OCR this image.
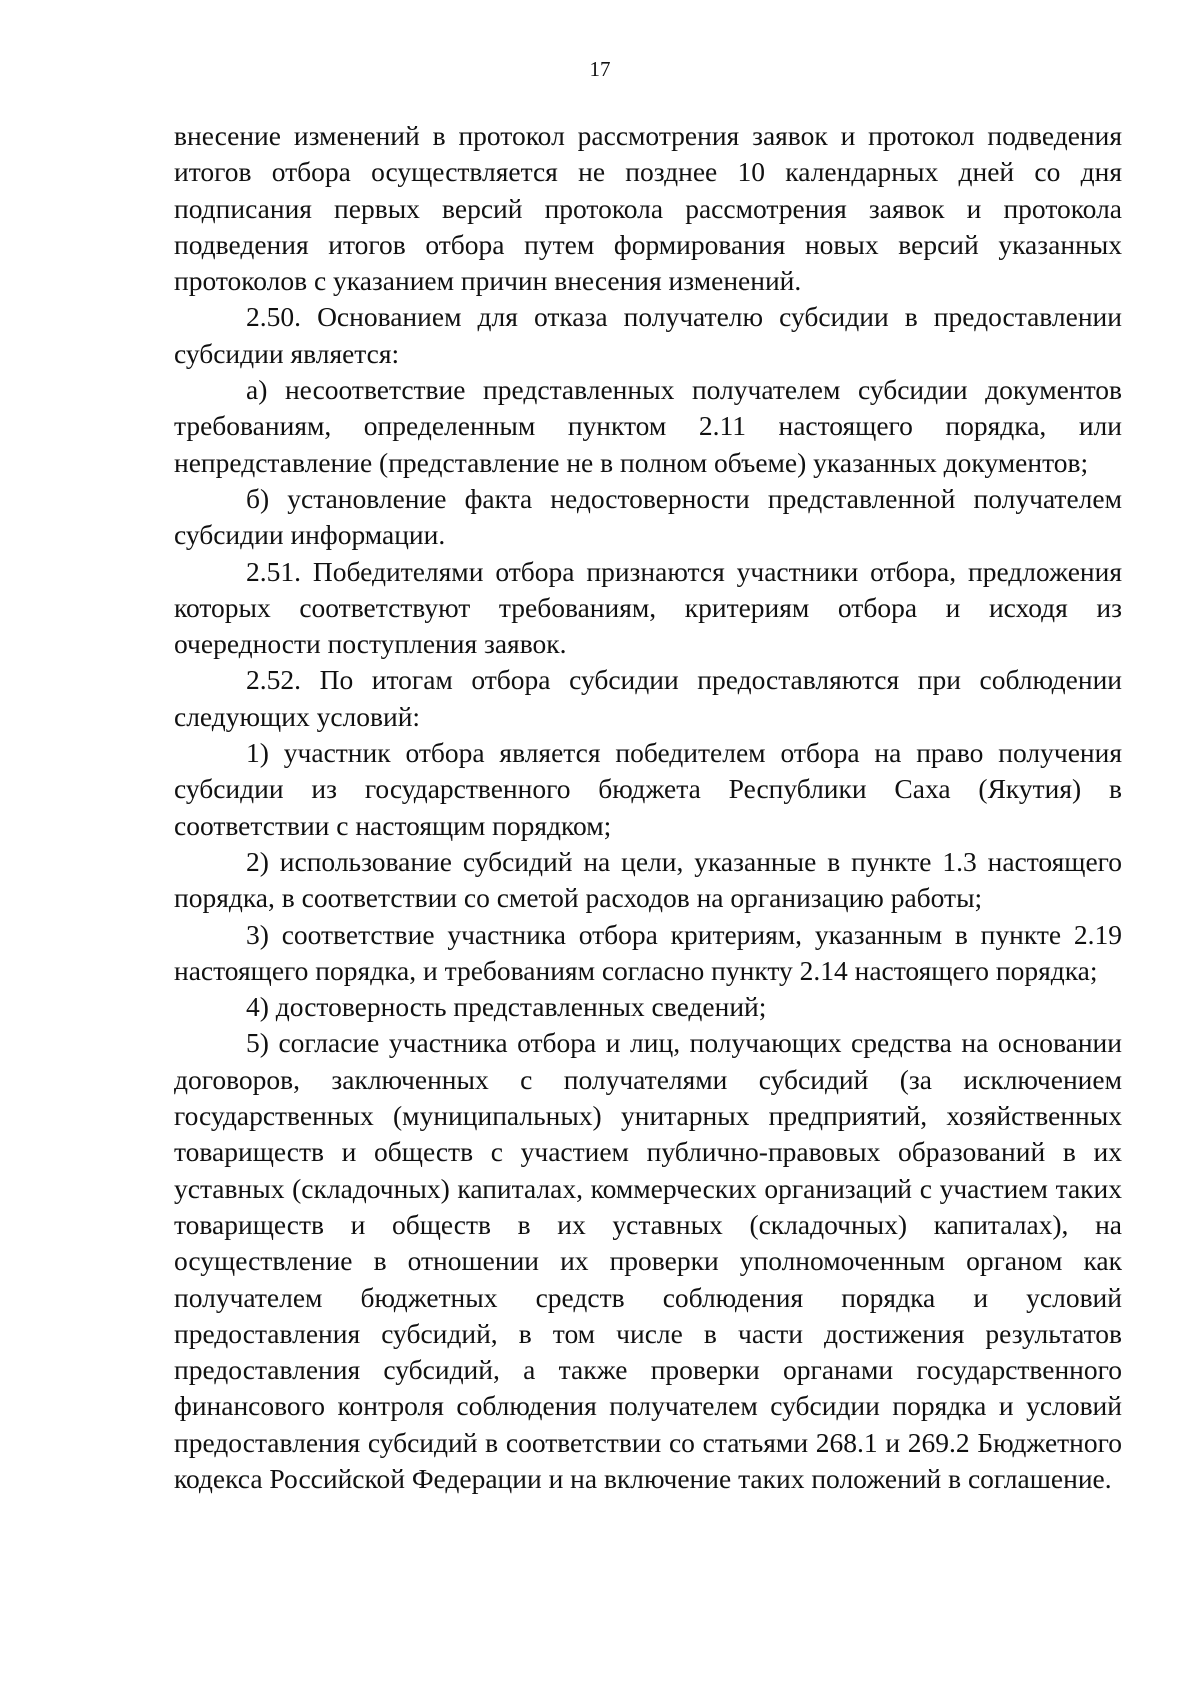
17

внесение изменений в протокол рассмотрения заявок и протокол подведения итогов отбора осуществляется не позднее 10 календарных дней со дня подписания первых версий протокола рассмотрения заявок и протокола подведения итогов отбора путем формирования новых версий указанных протоколов с указанием причин внесения изменений.

2.50. Основанием для отказа получателю субсидии в предоставлении субсидии является:

а) несоответствие представленных получателем субсидии документов требованиям, определенным пунктом 2.11 настоящего порядка, или непредставление (представление не в полном объеме) указанных документов;

б) установление факта недостоверности представленной получателем субсидии информации.

2.51. Победителями отбора признаются участники отбора, предложения которых соответствуют требованиям, критериям отбора и исходя из очередности поступления заявок.

2.52. По итогам отбора субсидии предоставляются при соблюдении следующих условий:

1) участник отбора является победителем отбора на право получения субсидии из государственного бюджета Республики Саха (Якутия) в соответствии с настоящим порядком;

2) использование субсидий на цели, указанные в пункте 1.3 настоящего порядка, в соответствии со сметой расходов на организацию работы;

3) соответствие участника отбора критериям, указанным в пункте 2.19 настоящего порядка, и требованиям согласно пункту 2.14 настоящего порядка;

4) достоверность представленных сведений;

5) согласие участника отбора и лиц, получающих средства на основании договоров, заключенных с получателями субсидий (за исключением государственных (муниципальных) унитарных предприятий, хозяйственных товариществ и обществ с участием публично-правовых образований в их уставных (складочных) капиталах, коммерческих организаций с участием таких товариществ и обществ в их уставных (складочных) капиталах), на осуществление в отношении их проверки уполномоченным органом как получателем бюджетных средств соблюдения порядка и условий предоставления субсидий, в том числе в части достижения результатов предоставления субсидий, а также проверки органами государственного финансового контроля соблюдения получателем субсидии порядка и условий предоставления субсидий в соответствии со статьями 268.1 и 269.2 Бюджетного кодекса Российской Федерации и на включение таких положений в соглашение.
